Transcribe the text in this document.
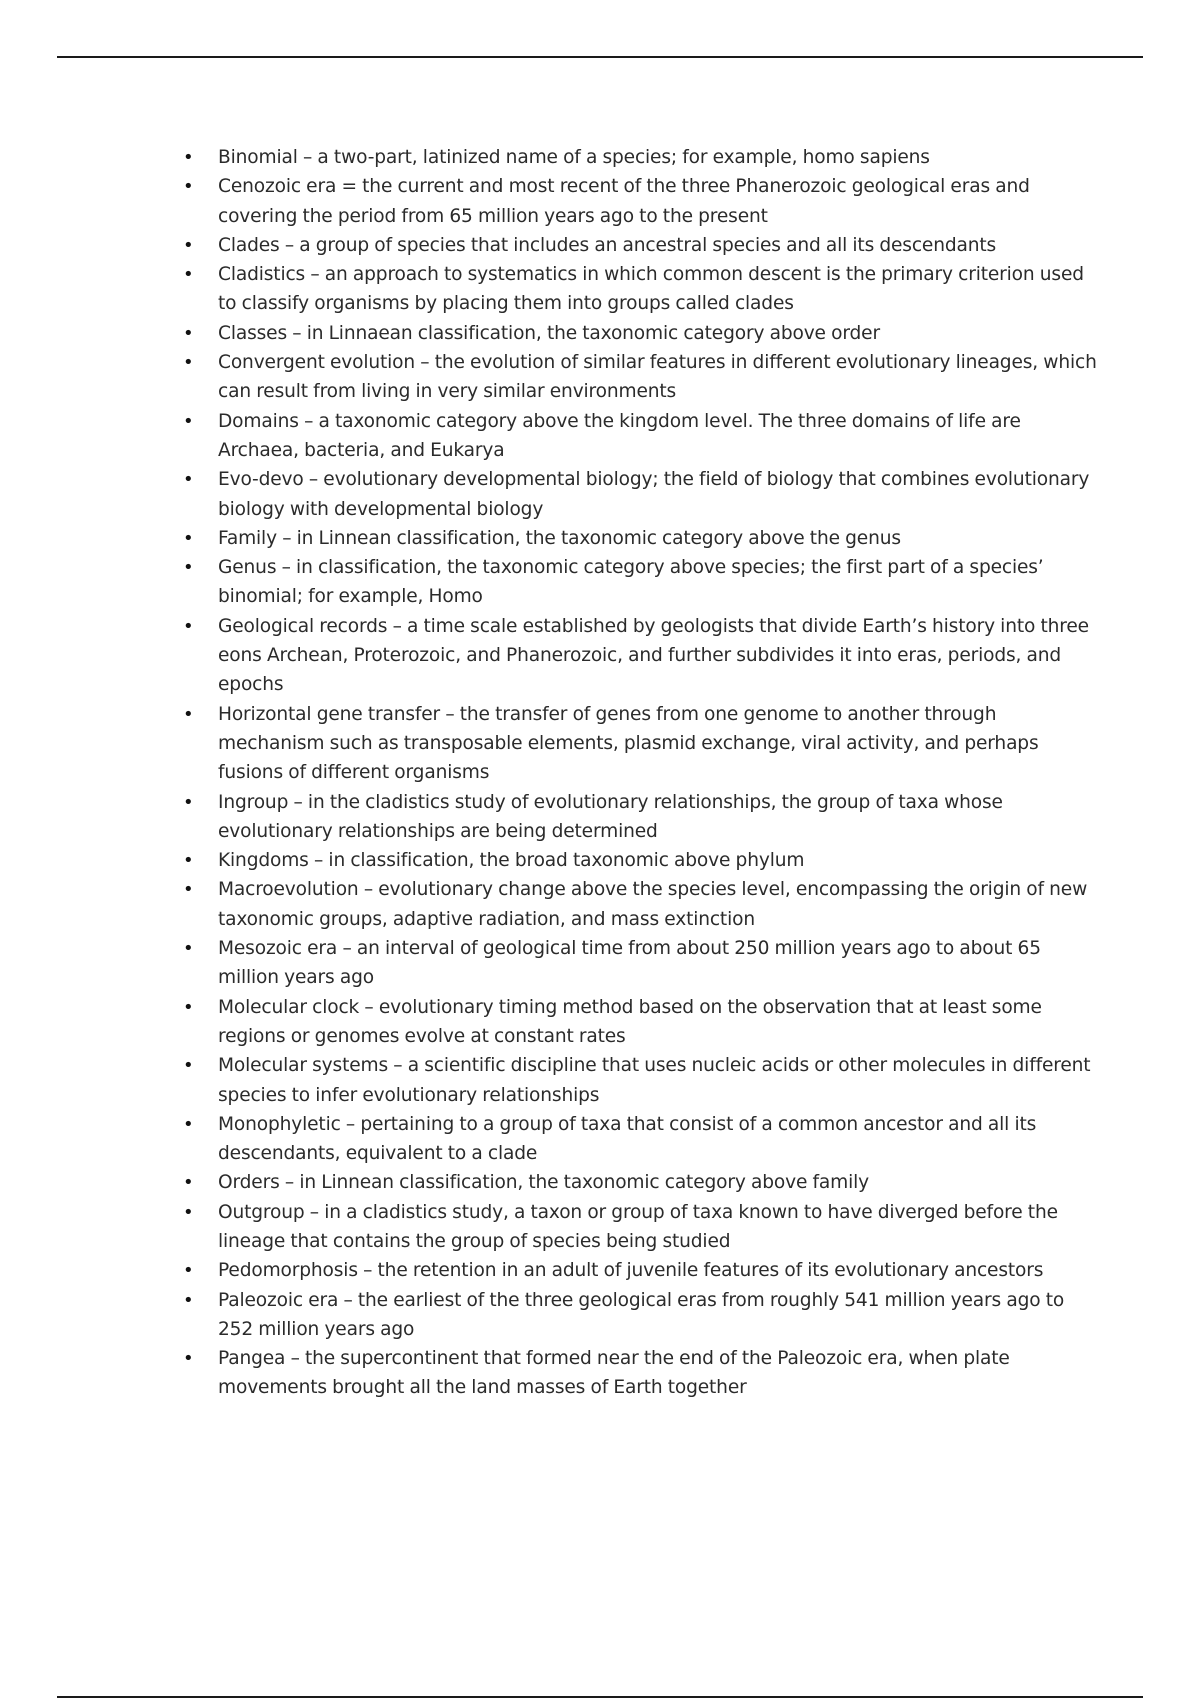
• Binomial – a two-part, latinized name of a species; for example, homo sapiens
• Cenozoic era = the current and most recent of the three Phanerozoic geological eras and covering the period from 65 million years ago to the present
• Clades – a group of species that includes an ancestral species and all its descendants
• Cladistics – an approach to systematics in which common descent is the primary criterion used to classify organisms by placing them into groups called clades
• Classes – in Linnaean classification, the taxonomic category above order
• Convergent evolution – the evolution of similar features in different evolutionary lineages, which can result from living in very similar environments
• Domains – a taxonomic category above the kingdom level. The three domains of life are Archaea, bacteria, and Eukarya
• Evo-devo – evolutionary developmental biology; the field of biology that combines evolutionary biology with developmental biology
• Family – in Linnean classification, the taxonomic category above the genus
• Genus – in classification, the taxonomic category above species; the first part of a species’ binomial; for example, Homo
• Geological records – a time scale established by geologists that divide Earth’s history into three eons Archean, Proterozoic, and Phanerozoic, and further subdivides it into eras, periods, and epochs
• Horizontal gene transfer – the transfer of genes from one genome to another through mechanism such as transposable elements, plasmid exchange, viral activity, and perhaps fusions of different organisms
• Ingroup – in the cladistics study of evolutionary relationships, the group of taxa whose evolutionary relationships are being determined
• Kingdoms – in classification, the broad taxonomic above phylum
• Macroevolution – evolutionary change above the species level, encompassing the origin of new taxonomic groups, adaptive radiation, and mass extinction
• Mesozoic era – an interval of geological time from about 250 million years ago to about 65 million years ago
• Molecular clock – evolutionary timing method based on the observation that at least some regions or genomes evolve at constant rates
• Molecular systems – a scientific discipline that uses nucleic acids or other molecules in different species to infer evolutionary relationships
• Monophyletic – pertaining to a group of taxa that consist of a common ancestor and all its descendants, equivalent to a clade
• Orders – in Linnean classification, the taxonomic category above family
• Outgroup – in a cladistics study, a taxon or group of taxa known to have diverged before the lineage that contains the group of species being studied
• Pedomorphosis – the retention in an adult of juvenile features of its evolutionary ancestors
• Paleozoic era – the earliest of the three geological eras from roughly 541 million years ago to 252 million years ago
• Pangea – the supercontinent that formed near the end of the Paleozoic era, when plate movements brought all the land masses of Earth together
